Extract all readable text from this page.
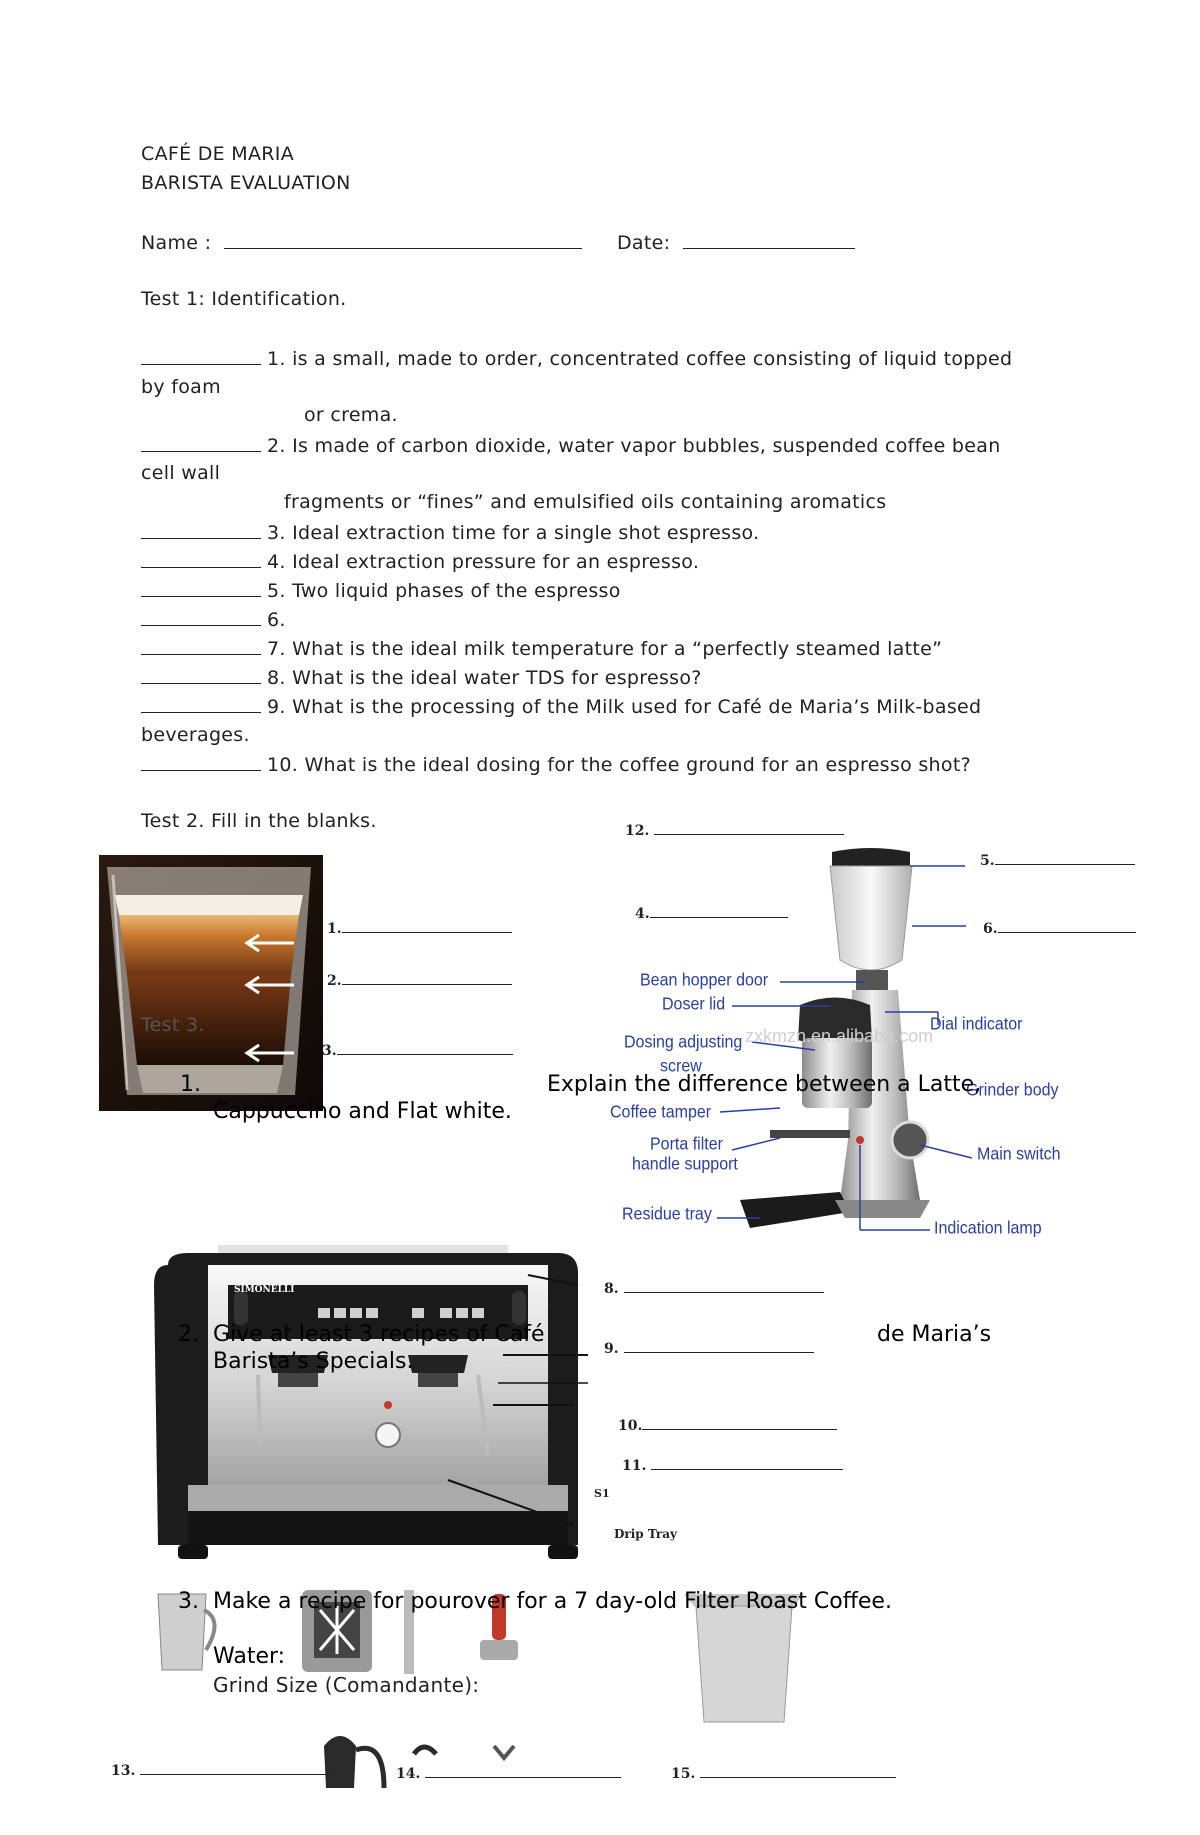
CAFÉ DE MARIA
BARISTA EVALUATION
Name :	Date:
Test 1: Identification.
1. is a small, made to order, concentrated coffee consisting of liquid topped
by foam
or crema.
2. Is made of carbon dioxide, water vapor bubbles, suspended coffee bean
cell wall
fragments or “fines” and emulsified oils containing aromatics
3. Ideal extraction time for a single shot espresso.
4. Ideal extraction pressure for an espresso.
5. Two liquid phases of the espresso
6.
7. What is the ideal milk temperature for a “perfectly steamed latte”
8. What is the ideal water TDS for espresso?
9. What is the processing of the Milk used for Café de Maria’s Milk-based
beverages.
10. What is the ideal dosing for the coffee ground for an espresso shot?
Test 2. Fill in the blanks.
1.
2.
3.
12.
5.
4.
6.
Bean hopper door
Doser lid
Dial indicator
Dosing adjusting
screw
zxkmzn.en.alibaba.com
Grinder body
Coffee tamper
Porta filter
handle support
Main switch
Residue tray
Indication lamp
SIMONELLI	8.
9.
10.
11.
S1
Drip Tray
13.	14.	15.
Test 3.
1.	Explain the difference between a Latte,
Cappuccino and Flat white.
2. Give at least 3 recipes of Café	de Maria’s
Barista’s Specials.
3. Make a recipe for pourover for a 7 day-old Filter Roast Coffee.
Water:
Grind Size (Comandante):
